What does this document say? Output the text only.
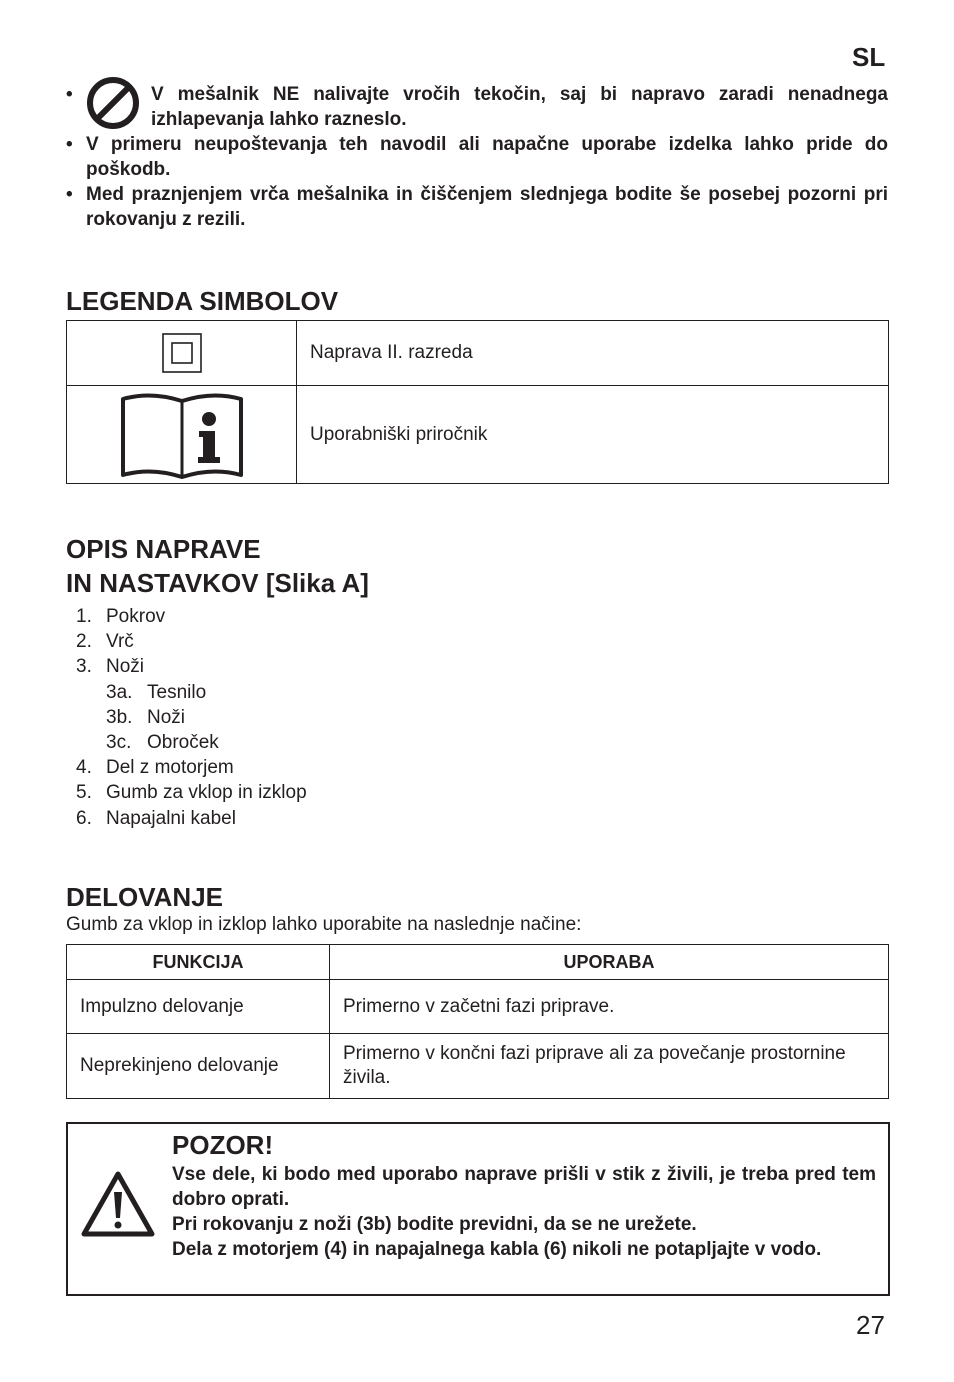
SL
•	V mešalnik NE nalivajte vročih tekočin, saj bi napravo zaradi nenadnega izhlapevanja lahko razneslo.
• V primeru neupoštevanja teh navodil ali napačne uporabe izdelka lahko pride do poškodb.
• Med praznjenjem vrča mešalnika in čiščenjem slednjega bodite še posebej pozorni pri rokovanju z rezili.
LEGENDA SIMBOLOV
	Naprava II. razreda

	Uporabniški priročnik
OPIS NAPRAVE
IN NASTAVKOV [Slika A]
1. Pokrov
2. Vrč
3. Noži
3a. Tesnilo
3b. Noži
3c. Obroček
4. Del z motorjem
5. Gumb za vklop in izklop
6. Napajalni kabel
DELOVANJE
Gumb za vklop in izklop lahko uporabite na naslednje načine:
FUNKCIJA	UPORABA
Impulzno delovanje	Primerno v začetni fazi priprave.
Neprekinjeno delovanje	Primerno v končni fazi priprave ali za povečanje prostornine živila.
POZOR!
Vse dele, ki bodo med uporabo naprave prišli v stik z živili, je treba pred tem dobro oprati.
Pri rokovanju z noži (3b) bodite previdni, da se ne urežete.
Dela z motorjem (4) in napajalnega kabla (6) nikoli ne potapljajte v vodo.
27
